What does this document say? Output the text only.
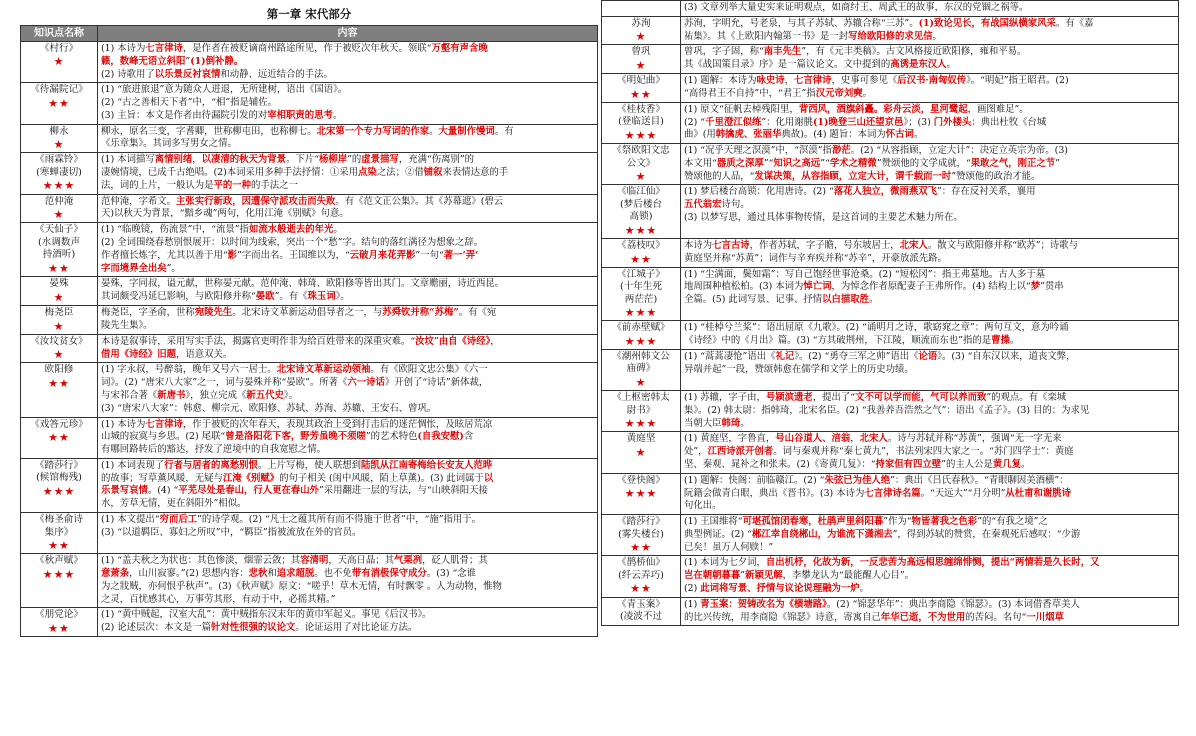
第一章 宋代部分
知识点名称	内容

《村行》
★	(1) 本诗为七言律诗，是作者在被贬谪商州路途所见，作于被贬次年秋天。领联“万壑有声含晚
籁，数峰无语立斜阳”(1)倒补静。
(2) 诗歌用了以乐景反衬哀情和动静、远近结合的手法。

《待漏院记》
★★	(1) “旅进旅退”意为随众人进退，无所建树，语出《国语》。
(2) “古之善相天下者”中，“相”指是辅佐。
(3) 主旨：本文是作者由待漏院引发的对宰相职责的思考。

柳永
★	柳永，原名三变，字耆卿，世称柳屯田，也称柳七。北宋第一个专力写词的作家。大量制作慢词。有
《乐章集》。其词多写男女之情。

《雨霖铃》
(寒蝉凄切)
★★★	(1) 本词描写离情别绪，以凄清的秋天为背景。下片“杨柳岸”的虚景描写，充满“伤离别”的
凄婉情境，已成千古绝唱。(2)本词采用多种手法抒情：①采用点染之法；②借铺叙来表情达意的手
法，词的上片，一般认为是平的一种的手法之一

范仲淹
★	范仲淹，字希文。主张实行新政，因遭保守派攻击而失败。有《范文正公集》。其《苏幕遮》(碧云
天)以秋天为背景，“黯乡魂”两句，化用江淹《别赋》句意。

《天仙子》
(水调数声
持酒听)
★★	(1) “临晚镜，伤流景”中，“流景”指如流水般逝去的年光。
(2) 全词围绕春愁别恨展开：以时间为线索，突出一个“愁”字。结句的落红满径为想象之辞。
作者擅长炼字，尤其以善于用“影”字而出名。王国维以为，“云破月来花弄影”一句“著一‘弄’
字而境界全出矣”。

晏殊
★	晏殊，字同叔，谥元献，世称晏元献。范仲淹、韩琦、欧阳修等皆出其门。文章赡丽，诗近西昆。
其词颇受冯延巳影响，与欧阳修并称“晏欧”。有《珠玉词》。

梅尧臣
★	梅尧臣，字圣俞，世称宛陵先生。北宋诗文革新运动倡导者之一，与苏舜钦并称“苏梅”。有《宛
陵先生集》。

《汝坟贫女》
★	本诗是叙事诗，采用写实手法，揭露官吏明作非为给百姓带来的深重灾难。“汝坟”由自《诗经》，
借用《诗经》旧题，语意双关。

欧阳修
★★	(1) 字永叔，号醉翁，晚年又号六一居士。北宋诗文革新运动领袖。有《欧阳文忠公集》《六一
词》。(2) “唐宋八大家”之一，词与晏殊并称“晏欧”。所著《六一诗话》开创了“诗话”新体裁，
与宋祁合著《新唐书》，独立完成《新五代史》。
(3) “唐宋八大家”：韩愈、柳宗元、欧阳修、苏轼、苏洵、苏辙、王安石、曾巩。

《戏答元珍》
★★	(1) 本诗为七言律诗，作于被贬的次年春天，表现其政治上受到打击后的迷茫惆怅，及眩居荒凉
山城的寂寞与乡思。(2) 尾联“曾是洛阳花下客，野芳虽晚不须嗟”的艺术特色(自我安慰)含
有哪回路转后的豁达，抒发了逆境中的自我宽慰之情。

《踏莎行》
(候馆梅残)
★★★	(1) 本词表现了行者与居者的离愁别恨。上片写梅，使人联想到陆凯从江南寄梅给长安友人范晔
的故事；写草薰风暖，无疑与江淹《别赋》的句子相关 (闺中风暖，陌上草薰)。(3) 此词属于以
乐景写哀情。(4) “平芜尽处是春山，行人更在春山外”采用翻进一层的写法，与“山映斜阳天接
水，芳草无情，更在斜阳外”相似。

《梅圣俞诗
集序》
★★	(1) 本文提出“穷而后工”的诗学观。(2) “凡士之蕴其所有而不得施于世者”中，“施”指用于。
(3) “以道羁臣、寡妇之所叹”中，“羁臣”指被流放在外的官员。

《秋声赋》
★★★	(1) “盖夫秋之为状也：其色惨淡，烟霏云敛；其容清明，天高日晶；其气栗冽，砭人肌骨；其
意萧条，山川寂寥。”(2) 思想内容：悲秋和追求超脱。也不免带有消极保守成分。(3) “念谁
为之戕贼，亦何恨乎秋声”。(3)《秋声赋》原文：“嗟乎！草木无情，有时飘零 。人为动物，惟物
之灵，百忧感其心，万事劳其形，有动于中，必摇其精。”

《朋党论》
★★	(1) “黄中贼起，汉室大乱”：黄中贼指东汉末年的黄巾军起义。事见《后汉书》。
(2) 论述层次：本文是一篇针对性很强的议论文。论证运用了对比论证方法。

	(3) 文章列举大量史实来证明观点，如商纣王、周武王的故事，东汉的党锢之祸等。

苏洵
★	苏洵，字明允，号老泉，与其子苏轼、苏辙合称“三苏”。(1)致论见长，有战国纵横家风采。有《嘉
祐集》。其《上欧阳内翰第一书》是一封写给欧阳修的求见信。

曾巩
★	曾巩，字子固，称“南丰先生”，有《元丰类稿》。古文风格接近欧阳修，雍和平易。
其《战国策目录》序》是一篇议论文。文中提到的高诱是东汉人。

《明妃曲》
★★	(1) 题解：本诗为咏史诗，七言律诗，史事可参见《后汉书·南匈奴传》。“明妃”指王昭君。(2)
“高得君王不自持”中，“君王”指汉元帝刘奭。

《桂枝香》
(登临送目)
★★★	(1) 原文“征帆去棹残阳里，背西风，酒旗斜矗。彩舟云淡，星河鹭起，画图难足”。
(2) “千里澄江似练”：化用谢朓(1)晚登三山还望京邑》；(3) 门外楼头：典出杜牧《台城
曲》(用韩擒虎、张丽华典故)。(4) 题旨：本词为怀古词。

《祭欧阳文忠
公文》
★	(1) “况乎天理之溟漠”中，“溟漠”指渺茫。(2) “从容指顾，立定大计”：决定立英宗为帝。(3)
本文用“器质之深厚”“知识之高远”“学术之精微”赞颂他的文学成就，“果敢之气，刚正之节”
赞颂他的人品，“发谋决策，从容指顾，立定大计，谓千载而一时”赞颂他的政治才能。

《临江仙》
(梦后楼台
高锁)
★★★	(1) 梦后楼台高锁：化用唐诗。(2) “落花人独立，微雨燕双飞”：存在反衬关系，襄用
五代翁宏诗句。
(3) 以梦写思，通过具体事物传情，是这首词的主要艺术魅力所在。

《荔枝叹》
★★	本诗为七言古诗，作者苏轼，字子瞻，号东坡居士，北宋人。散文与欧阳修并称“欧苏”；诗歌与
黄庭坚并称“苏黄”；词作与辛弃疾并称“苏辛”，开豪放派先路。

《江城子》
(十年生死
两茫茫)
★★★	(1) “尘满面，鬓如霜”：写自己饱经世事沧桑。(2) “短松冈”：指王弗墓地。古人多于墓
地周围种植松柏。(3) 本词为悼亡词，为悼念作者原配妻子王弗所作。(4) 结构上以“梦”贯串
全篇。(5) 此词写景、记事、抒情以白描取胜。

《前赤壁赋》
★★★	(1) “桂棹兮兰桨”：语出屈原《九歌》。(2) “诵明月之诗，歌窈窕之章”：两句互文，意为吟诵
《诗经》中的《月出》篇。(3) “方其破荆州，下江陵，顺流而东也”指的是曹操。

《潮州韩文公
庙碑》
★	(1) “蒿蒿凄怆”语出《礼记》。(2) “勇夺三军之帅”语出《论语》。(3) “自东汉以来，道丧文弊，
异端并起”一段，赞颂韩愈在儒学和文学上的历史功绩。

《上枢密韩太
尉书》
★★★	(1) 苏辙，字子由，号颍滨遗老，提出了“文不可以学而能，气可以养而致”的观点。有《栾城
集》。(2) 韩太尉：指韩琦，北宋名臣。(2) “我善养吾浩然之气”：语出《孟子》。(3) 目的：为求见
当朝大臣韩琦。

黄庭坚
★	(1) 黄庭坚，字鲁直，号山谷道人、涪翁，北宋人。诗与苏轼并称“苏黄”，强调“无一字无来
处”，江西诗派开创者。词与秦观并称“秦七黄九”，书法列宋四大家之一。“苏门四学士”：黄庭
坚、秦观、晁补之和张耒。(2)《寄黄几复》：“持家但有四立壁”的主人公是黄几复。

《登快阁》
★★★	(1) 题解：快阁：前临赣江。(2) “朱弦已为佳人绝”：典出《吕氏春秋》。“青眼聊因美酒横”：
阮籍会做青白眼，典出《晋书》。(3) 本诗为七言律诗名篇。“天远大”“月分明”从杜甫和谢朓诗
句化出。

《踏莎行》
(雾失楼台)
★★	(1) 王国维将“可堪孤馆闭春寒，杜鹃声里斜阳暮”作为“物皆著我之色彩”的“有我之境”之
典型例证。(2) “郴江幸自绕郴山，为谁流下潇湘去”，得到苏轼的赞赏，在秦观死后感叹：“少游
已矣！虽万人何赎！”

《鹊桥仙》
(纤云弄巧)
★★	(1) 本词为七夕词，自出机杼，化故为新，一反悲苦为高远相思缠绵悱恻，提出“两情若是久长时，又
岂在朝朝暮暮”新颖见解，李攀龙认为“最能醒人心目”。
(2) 此词将写景、抒情与议论说理融为一炉。

《青玉案》
(凌波不过	(1) 青玉案：贺铸改名为《横塘路》。(2) “锦瑟华年”：典出李商隐《锦瑟》。(3) 本词借香草美人
的比兴传统，用李商隐《锦瑟》诗意，寄寓自己年华已逝，不为世用的苦闷。名句“一川烟草
